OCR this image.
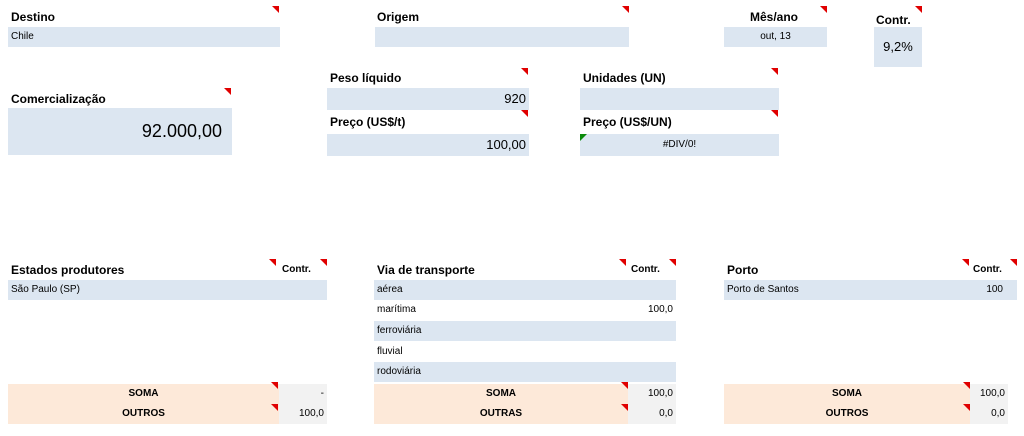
Destino
Chile
Origem	Mês/ano
out, 13
Contr.
9,2%
Comercialização
92.000,00
Peso líquido
920
Preço (US$/t)
100,00
Unidades (UN)
Preço (US$/UN)
#DIV/0!
Estados produtores	Contr.
São Paulo (SP)
SOMA	-
OUTROS	100,0
Via de transporte	Contr.
aérea
marítima	100,0
ferroviária
fluvial
rodoviária
SOMA	100,0
OUTRAS	0,0
Porto	Contr.
Porto de Santos	100
SOMA	100,0
OUTROS	0,0
